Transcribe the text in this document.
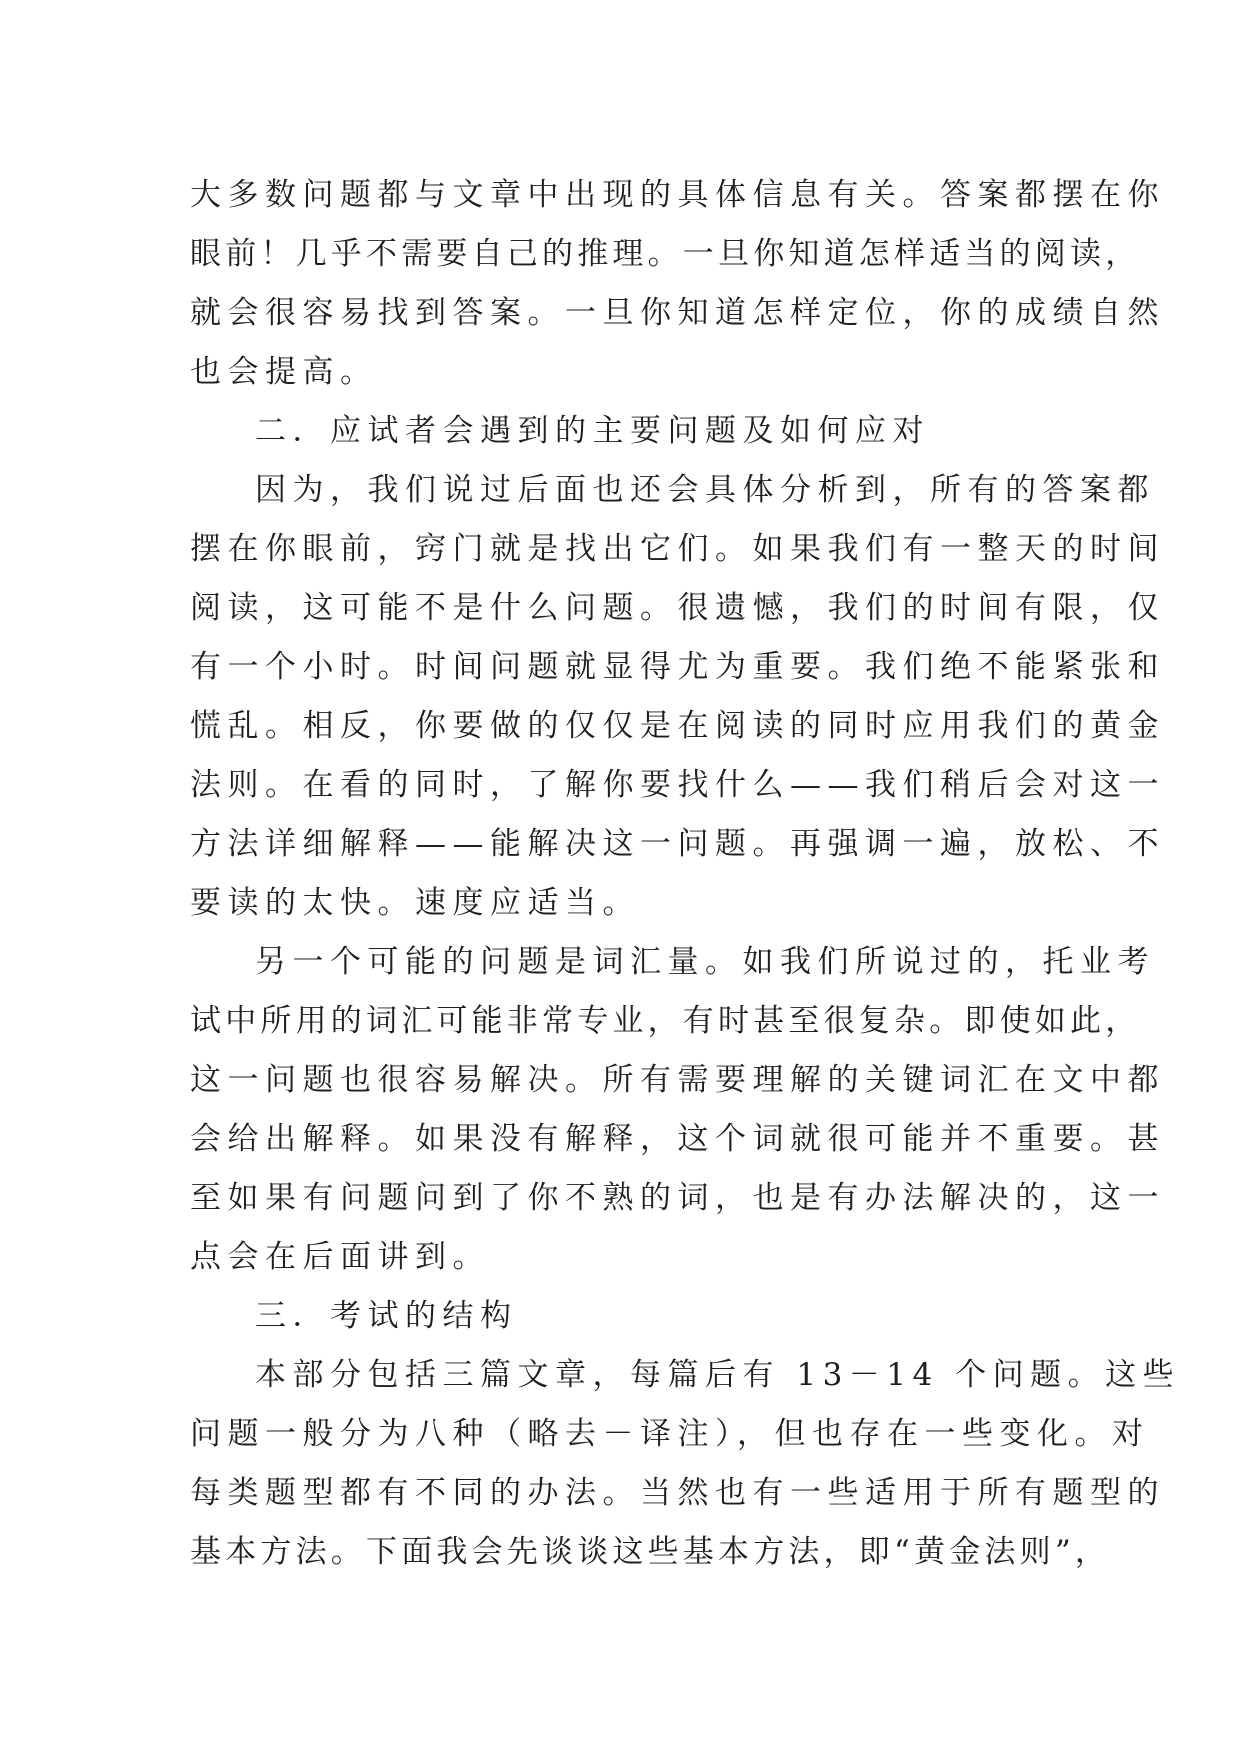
大多数问题都与文章中出现的具体信息有关。答案都摆在你
眼前！几乎不需要自己的推理。一旦你知道怎样适当的阅读，
就会很容易找到答案。一旦你知道怎样定位，你的成绩自然
也会提高。
二．应试者会遇到的主要问题及如何应对
因为，我们说过后面也还会具体分析到，所有的答案都
摆在你眼前，窍门就是找出它们。如果我们有一整天的时间
阅读，这可能不是什么问题。很遗憾，我们的时间有限，仅
有一个小时。时间问题就显得尤为重要。我们绝不能紧张和
慌乱。相反，你要做的仅仅是在阅读的同时应用我们的黄金
法则。在看的同时，了解你要找什么——我们稍后会对这一
方法详细解释——能解决这一问题。再强调一遍，放松、不
要读的太快。速度应适当。
另一个可能的问题是词汇量。如我们所说过的，托业考
试中所用的词汇可能非常专业，有时甚至很复杂。即使如此，
这一问题也很容易解决。所有需要理解的关键词汇在文中都
会给出解释。如果没有解释，这个词就很可能并不重要。甚
至如果有问题问到了你不熟的词，也是有办法解决的，这一
点会在后面讲到。
三．考试的结构
本部分包括三篇文章，每篇后有 13－14 个问题。这些
问题一般分为八种（略去－译注），但也存在一些变化。对
每类题型都有不同的办法。当然也有一些适用于所有题型的
基本方法。下面我会先谈谈这些基本方法，即“黄金法则”，
